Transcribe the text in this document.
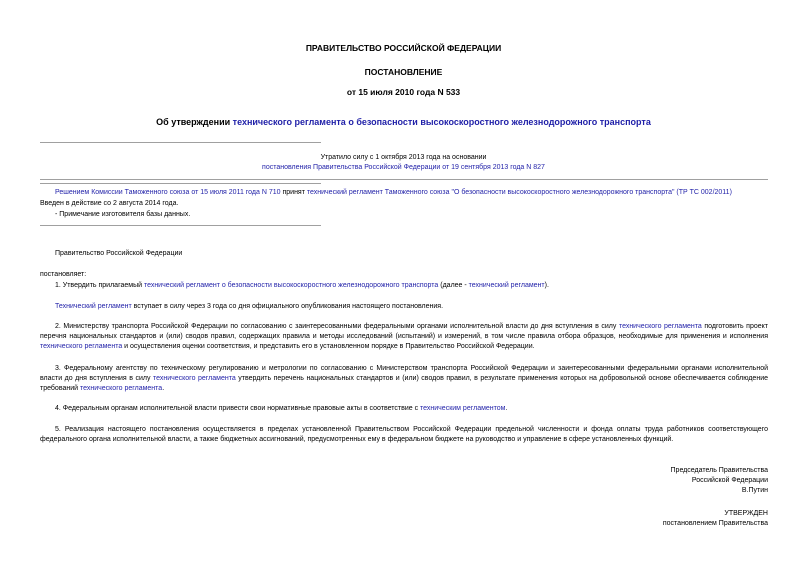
ПРАВИТЕЛЬСТВО РОССИЙСКОЙ ФЕДЕРАЦИИ
ПОСТАНОВЛЕНИЕ
от 15 июля 2010 года N 533
Об утверждении технического регламента о безопасности высокоскоростного железнодорожного транспорта
Утратило силу с 1 октября 2013 года на основании
постановления Правительства Российской Федерации от 19 сентября 2013 года N 827
Решением Комиссии Таможенного союза от 15 июля 2011 года N 710 принят технический регламент Таможенного союза "О безопасности высокоскоростного железнодорожного транспорта" (ТР ТС 002/2011)
Введен в действие со 2 августа 2014 года.
- Примечание изготовителя базы данных.
Правительство Российской Федерации
постановляет:
1. Утвердить прилагаемый технический регламент о безопасности высокоскоростного железнодорожного транспорта (далее - технический регламент).
Технический регламент вступает в силу через 3 года со дня официального опубликования настоящего постановления.
2. Министерству транспорта Российской Федерации по согласованию с заинтересованными федеральными органами исполнительной власти до дня вступления в силу технического регламента подготовить проект перечня национальных стандартов и (или) сводов правил, содержащих правила и методы исследований (испытаний) и измерений, в том числе правила отбора образцов, необходимые для применения и исполнения технического регламента и осуществления оценки соответствия, и представить его в установленном порядке в Правительство Российской Федерации.
3. Федеральному агентству по техническому регулированию и метрологии по согласованию с Министерством транспорта Российской Федерации и заинтересованными федеральными органами исполнительной власти до дня вступления в силу технического регламента утвердить перечень национальных стандартов и (или) сводов правил, в результате применения которых на добровольной основе обеспечивается соблюдение требований технического регламента.
4. Федеральным органам исполнительной власти привести свои нормативные правовые акты в соответствие с техническим регламентом.
5. Реализация настоящего постановления осуществляется в пределах установленной Правительством Российской Федерации предельной численности и фонда оплаты труда работников соответствующего федерального органа исполнительной власти, а также бюджетных ассигнований, предусмотренных ему в федеральном бюджете на руководство и управление в сфере установленных функций.
Председатель Правительства
Российской Федерации
В.Путин
УТВЕРЖДЕН
постановлением Правительства
